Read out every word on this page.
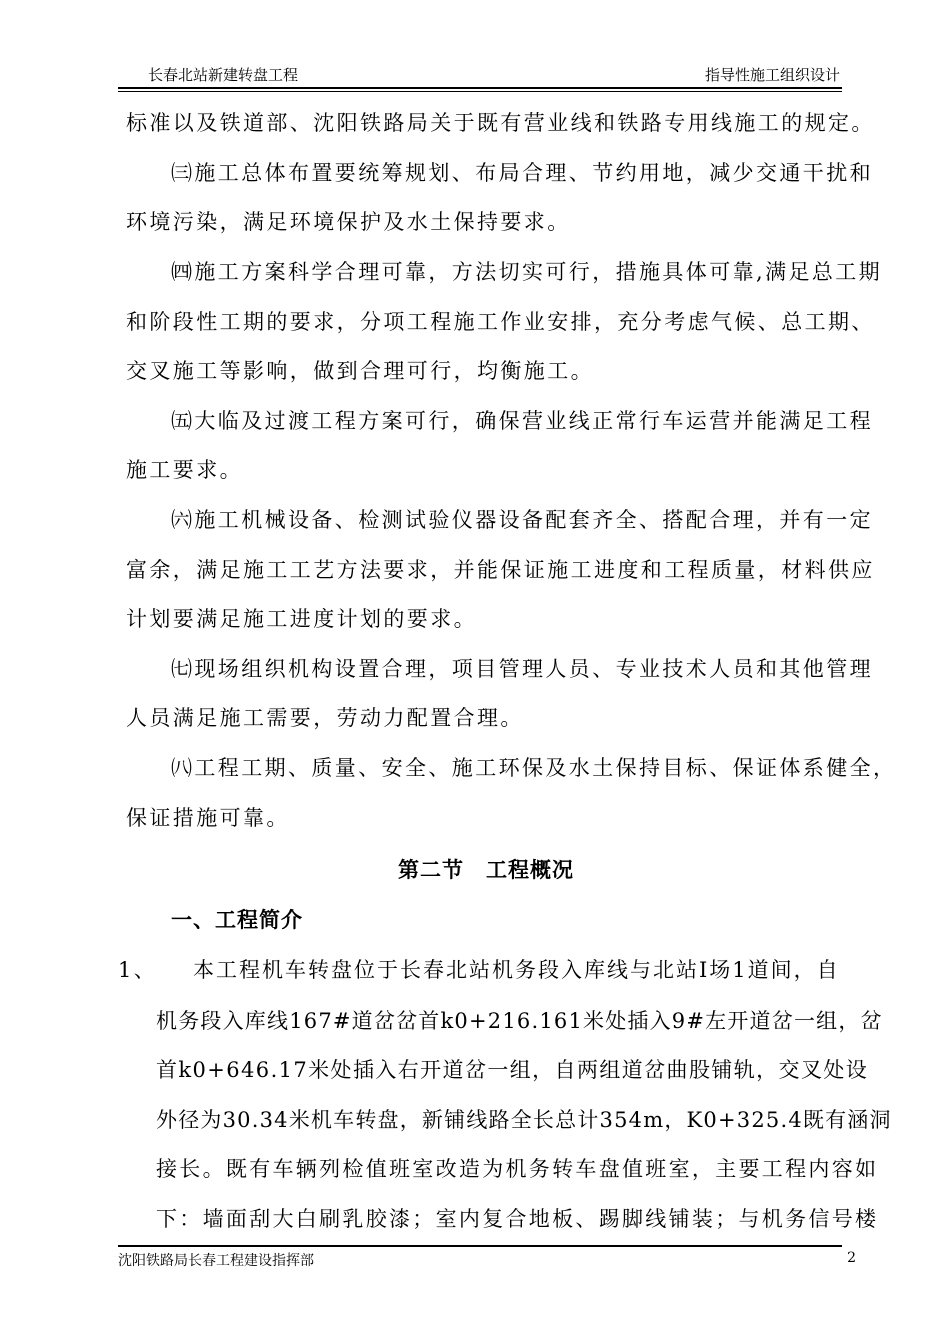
长春北站新建转盘工程	指导性施工组织设计
标准以及铁道部、沈阳铁路局关于既有营业线和铁路专用线施工的规定。
㈢施工总体布置要统筹规划、布局合理、节约用地，减少交通干扰和
环境污染，满足环境保护及水土保持要求。
㈣施工方案科学合理可靠，方法切实可行，措施具体可靠,满足总工期
和阶段性工期的要求，分项工程施工作业安排，充分考虑气候、总工期、
交叉施工等影响，做到合理可行，均衡施工。
㈤大临及过渡工程方案可行，确保营业线正常行车运营并能满足工程
施工要求。
㈥施工机械设备、检测试验仪器设备配套齐全、搭配合理，并有一定
富余，满足施工工艺方法要求，并能保证施工进度和工程质量，材料供应
计划要满足施工进度计划的要求。
㈦现场组织机构设置合理，项目管理人员、专业技术人员和其他管理
人员满足施工需要，劳动力配置合理。
㈧工程工期、质量、安全、施工环保及水土保持目标、保证体系健全，
保证措施可靠。
第二节　工程概况
一、工程简介
1、 本工程机车转盘位于长春北站机务段入库线与北站Ⅰ场1道间，自
机务段入库线167#道岔岔首k0+216.161米处插入9#左开道岔一组，岔
首k0+646.17米处插入右开道岔一组，自两组道岔曲股铺轨，交叉处设
外径为30.34米机车转盘，新铺线路全长总计354m，K0+325.4既有涵洞
接长。既有车辆列检值班室改造为机务转车盘值班室，主要工程内容如
下：墙面刮大白刷乳胶漆；室内复合地板、踢脚线铺装；与机务信号楼
沈阳铁路局长春工程建设指挥部	2
